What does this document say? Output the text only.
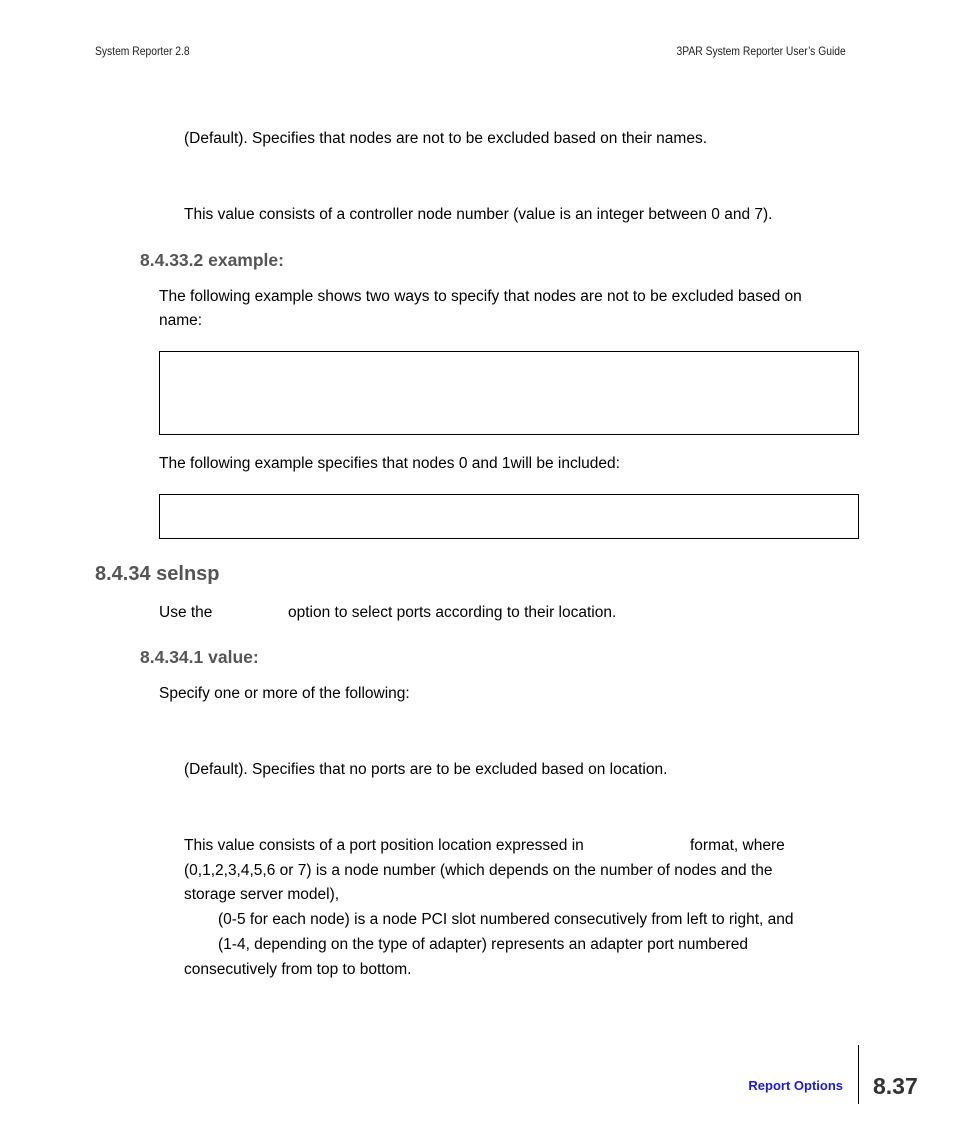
System Reporter 2.8	3PAR System Reporter User’s Guide
(Default). Specifies that nodes are not to be excluded based on their names.
This value consists of a controller node number (value is an integer between 0 and 7).
8.4.33.2 example:
The following example shows two ways to specify that nodes are not to be excluded based on
name:
The following example specifies that nodes 0 and 1will be included:
8.4.34 selnsp
Use the	option to select ports according to their location.
8.4.34.1 value:
Specify one or more of the following:
(Default). Specifies that no ports are to be excluded based on location.
This value consists of a port position location expressed in	format, where
(0,1,2,3,4,5,6 or 7) is a node number (which depends on the number of nodes and the
storage server model),
(0-5 for each node) is a node PCI slot numbered consecutively from left to right, and
(1-4, depending on the type of adapter) represents an adapter port numbered
consecutively from top to bottom.
Report Options 8.37
